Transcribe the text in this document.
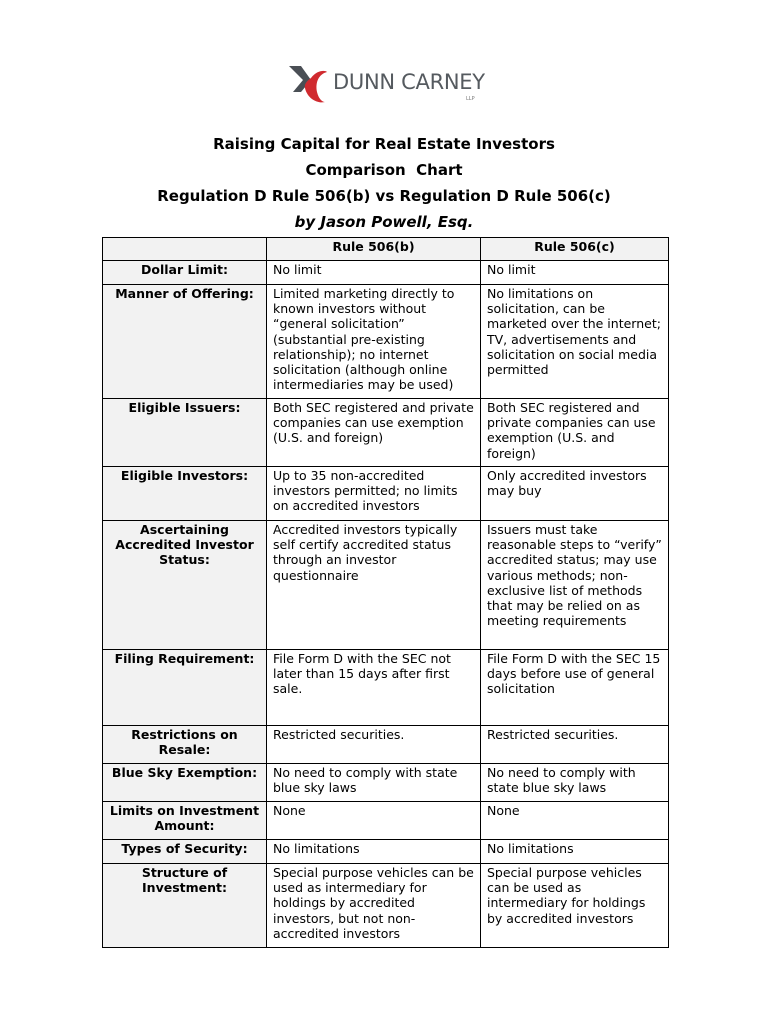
DUNN CARNEY
LLP
Raising Capital for Real Estate Investors
Comparison  Chart
Regulation D Rule 506(b) vs Regulation D Rule 506(c)
by Jason Powell, Esq.
	Rule 506(b)	Rule 506(c)
Dollar Limit:	No limit	No limit
Manner of Offering:	Limited marketing directly to known investors without “general solicitation” (substantial pre-existing relationship); no internet solicitation (although online intermediaries may be used)	No limitations on solicitation, can be marketed over the internet; TV, advertisements and solicitation on social media permitted
Eligible Issuers:	Both SEC registered and private companies can use exemption (U.S. and foreign)	Both SEC registered and private companies can use exemption (U.S. and foreign)
Eligible Investors:	Up to 35 non-accredited investors permitted; no limits on accredited investors	Only accredited investors may buy
Ascertaining Accredited Investor Status:	Accredited investors typically self certify accredited status through an investor questionnaire	Issuers must take reasonable steps to “verify” accredited status; may use various methods; non-exclusive list of methods that may be relied on as meeting requirements
Filing Requirement:	File Form D with the SEC not later than 15 days after first sale.	File Form D with the SEC 15 days before use of general solicitation
Restrictions on Resale:	Restricted securities.	Restricted securities.
Blue Sky Exemption:	No need to comply with state blue sky laws	No need to comply with state blue sky laws
Limits on Investment Amount:	None	None
Types of Security:	No limitations	No limitations
Structure of Investment:	Special purpose vehicles can be used as intermediary for holdings by accredited investors, but not non-accredited investors	Special purpose vehicles can be used as intermediary for holdings by accredited investors
